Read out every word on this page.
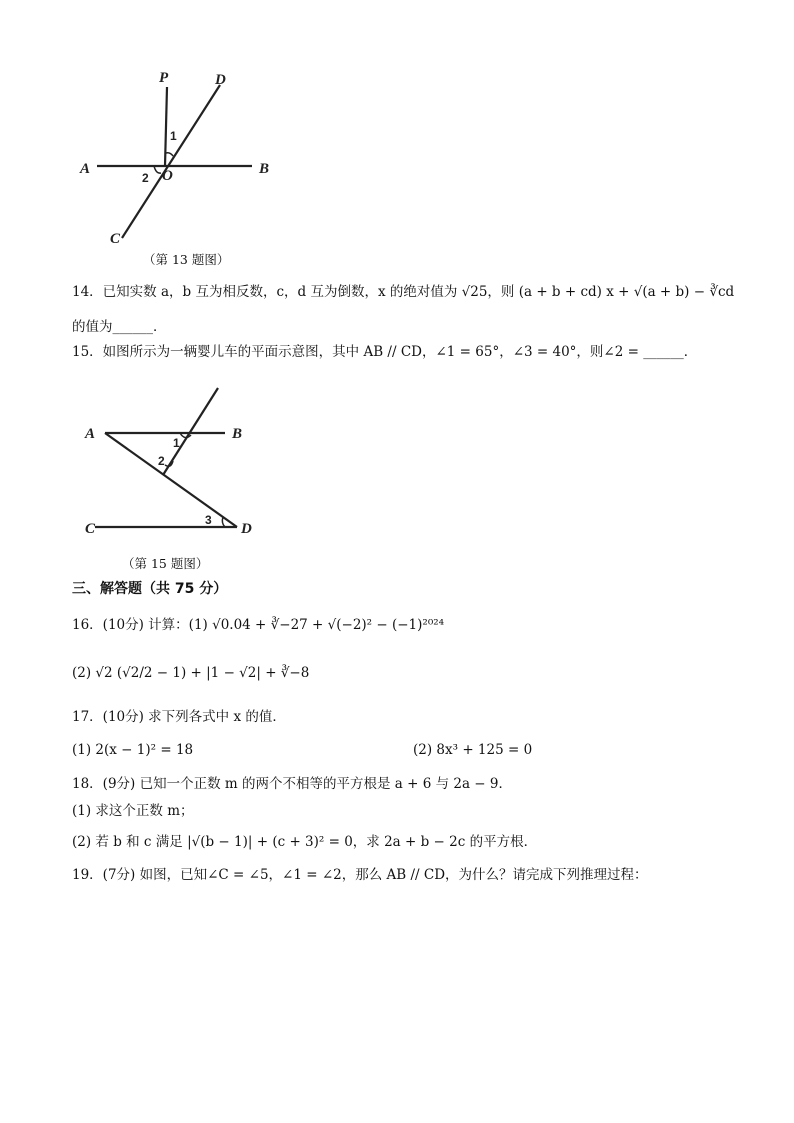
P	D
A	B
O
C
1
2
（第 13 题图）
14．已知实数 a，b 互为相反数，c，d 互为倒数，x 的绝对值为 √25，则 (a + b + cd) x + √(a + b) − ∛cd
的值为______．
15．如图所示为一辆婴儿车的平面示意图，其中 AB // CD，∠1 = 65°，∠3 = 40°，则∠2 = ______．
A	B
C	D
1
2
3
（第 15 题图）
三、解答题（共 75 分）
16．(10分) 计算：(1) √0.04 + ∛−27 + √(−2)² − (−1)²⁰²⁴
(2) √2 (√2/2 − 1) + |1 − √2| + ∛−8
17．(10分) 求下列各式中 x 的值．
(1) 2(x − 1)² = 18	(2) 8x³ + 125 = 0
18．(9分) 已知一个正数 m 的两个不相等的平方根是 a + 6 与 2a − 9．
(1) 求这个正数 m；
(2) 若 b 和 c 满足 |√(b − 1)| + (c + 3)² = 0，求 2a + b − 2c 的平方根．
19．(7分) 如图，已知∠C = ∠5，∠1 = ∠2，那么 AB // CD，为什么？请完成下列推理过程：
